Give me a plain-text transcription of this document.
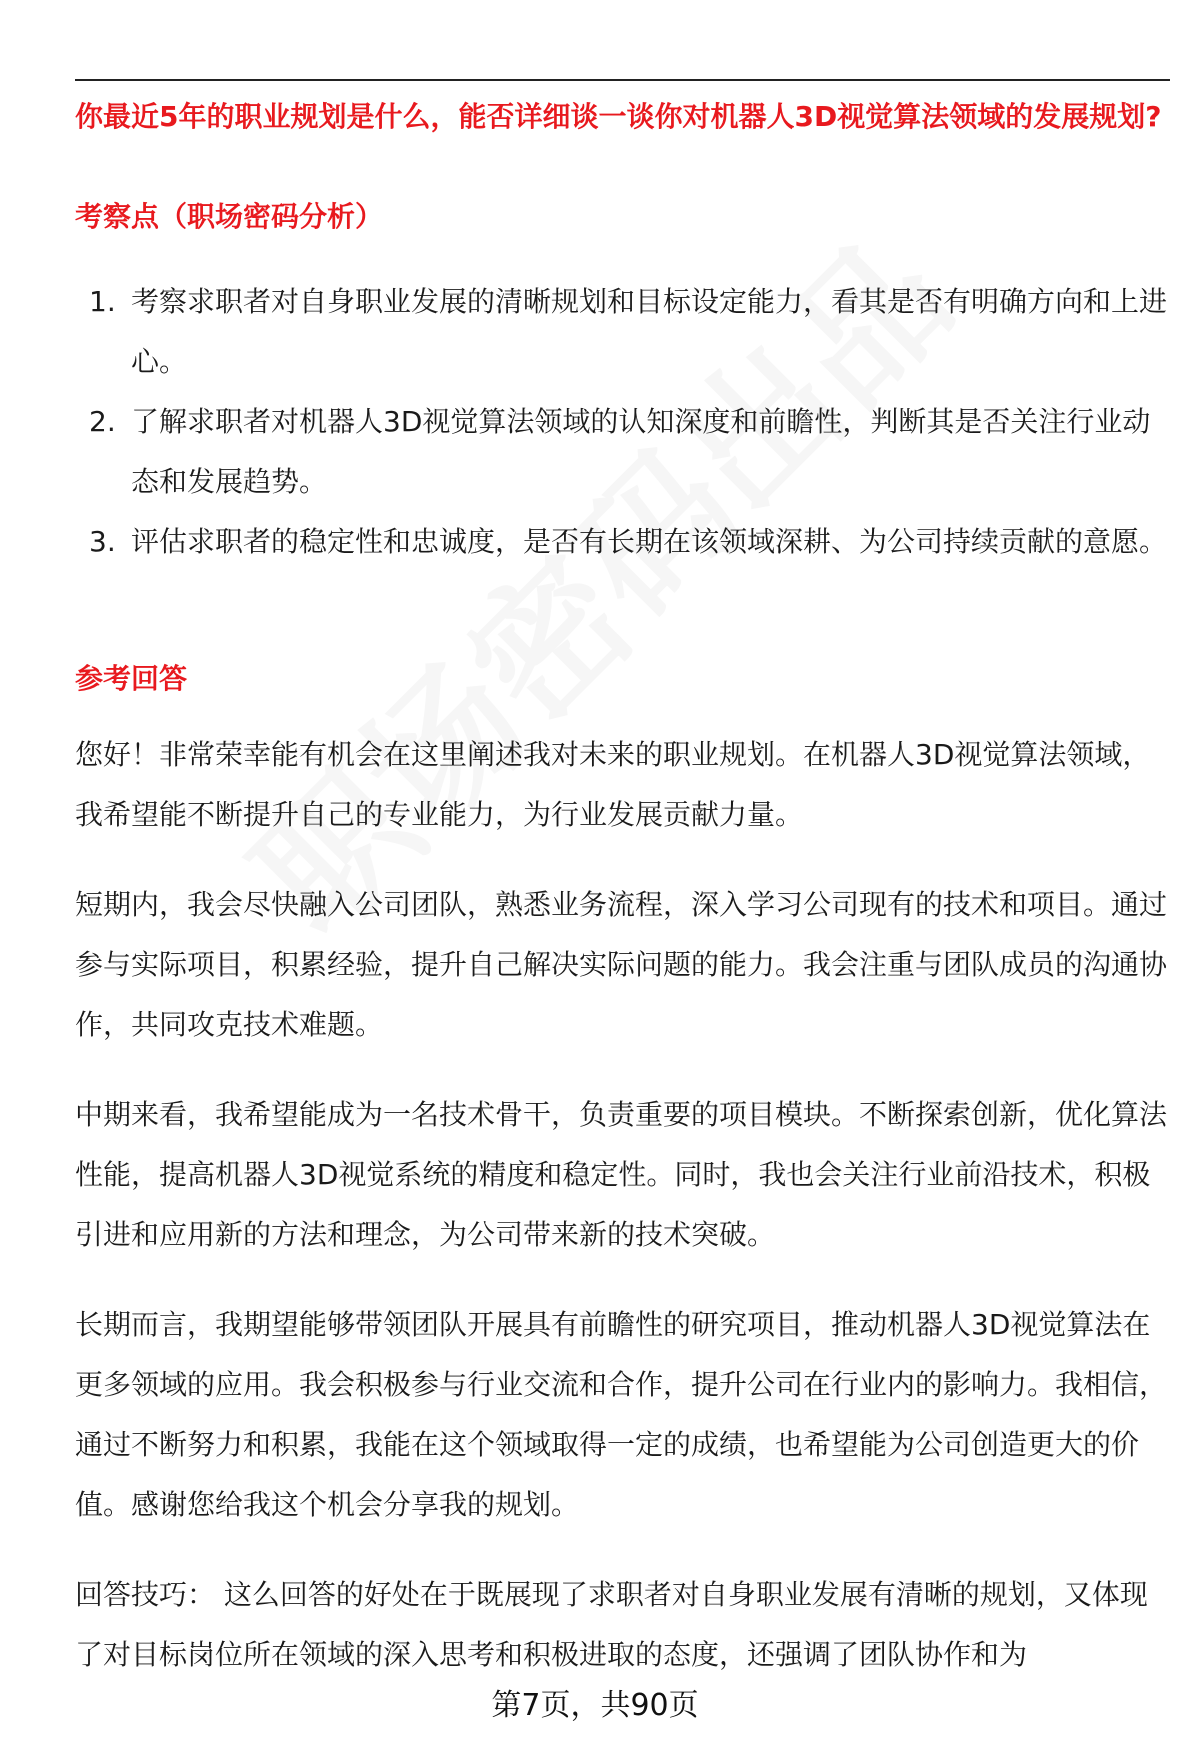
你最近5年的职业规划是什么，能否详细谈一谈你对机器人3D视觉算法领域的发展规划?
考察点（职场密码分析）
1. 考察求职者对自身职业发展的清晰规划和目标设定能力，看其是否有明确方向和上进心。
2. 了解求职者对机器人3D视觉算法领域的认知深度和前瞻性，判断其是否关注行业动态和发展趋势。
3. 评估求职者的稳定性和忠诚度，是否有长期在该领域深耕、为公司持续贡献的意愿。
参考回答

您好！非常荣幸能有机会在这里阐述我对未来的职业规划。在机器人3D视觉算法领域，我希望能不断提升自己的专业能力，为行业发展贡献力量。

短期内，我会尽快融入公司团队，熟悉业务流程，深入学习公司现有的技术和项目。通过参与实际项目，积累经验，提升自己解决实际问题的能力。我会注重与团队成员的沟通协作，共同攻克技术难题。

中期来看，我希望能成为一名技术骨干，负责重要的项目模块。不断探索创新，优化算法性能，提高机器人3D视觉系统的精度和稳定性。同时，我也会关注行业前沿技术，积极引进和应用新的方法和理念，为公司带来新的技术突破。

长期而言，我期望能够带领团队开展具有前瞻性的研究项目，推动机器人3D视觉算法在更多领域的应用。我会积极参与行业交流和合作，提升公司在行业内的影响力。我相信，通过不断努力和积累，我能在这个领域取得一定的成绩，也希望能为公司创造更大的价值。感谢您给我这个机会分享我的规划。

回答技巧： 这么回答的好处在于既展现了求职者对自身职业发展有清晰的规划，又体现了对目标岗位所在领域的深入思考和积极进取的态度，还强调了团队协作和为

第7页，共90页
